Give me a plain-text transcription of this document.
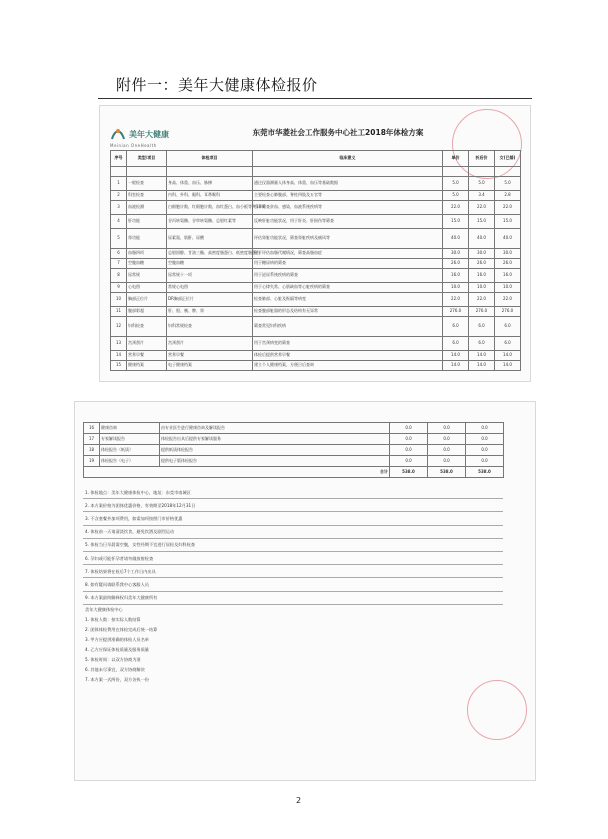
附件一：美年大健康体检报价
美年大健康
Meinian OneHealth
东莞市华菱社会工作服务中心社工2018年体检方案
序号	类型/项目	体检项目	临床意义	单价	折后价	女(已婚)

1	一般检查	身高、体重、血压、脉搏	通过仪器测量人体身高、体重、血压等基础数据	5.0	5.0	5.0
2	科室检查	内科、外科、眼科、耳鼻喉科	主要检查心肺腹部、脊柱四肢及五官等	5.0	3.4	2.8
3	血液检测	白细胞计数、红细胞计数、血红蛋白、血小板等共18项	用于筛查贫血、感染、血液系统疾病等	22.0	22.0	22.0
4	肝功能	谷丙转氨酶、谷草转氨酶、总胆红素等	反映肝脏功能状况，用于肝炎、肝损伤等筛查	15.0	15.0	15.0
5	肾功能	尿素氮、肌酐、尿酸	评估肾脏功能状况，筛查肾脏疾病及痛风等	40.0	40.0	40.0
6	血脂四项	总胆固醇、甘油三酯、高密度脂蛋白、低密度脂蛋白	用于评估血脂代谢情况，筛查高脂血症	30.0	30.0	30.0
7	空腹血糖	空腹血糖	用于糖尿病的筛查	26.0	26.0	26.0
8	尿常规	尿常规十一项	用于泌尿系统疾病的筛查	16.0	16.0	16.0
9	心电图	常规心电图	用于心律失常、心肌缺血等心脏疾病的筛查	10.0	10.0	10.0
10	胸部正位片	DR胸部正位片	检查肺部、心脏及纵隔等病变	22.0	22.0	22.0
11	腹部彩超	肝、胆、胰、脾、肾	检查腹部脏器的形态及结构有无异常	276.0	276.0	276.0
12	妇科检查	妇科常规检查	筛查常见妇科疾病	6.0	6.0	6.0
13	宫颈刮片	宫颈刮片	用于宫颈病变的筛查	6.0	6.0	6.0
14	营养早餐	营养早餐	体检后提供营养早餐	14.0	14.0	14.0
15	健康档案	电子健康档案	建立个人健康档案，方便日后查询	14.0	14.0	14.0
16	健康咨询	由专业医生进行健康咨询及解读报告	0.0	0.0	0.0
17	专家解读报告	体检报告出具后提供专家解读服务	0.0	0.0	0.0
18	体检报告（纸质）	提供纸质体检报告	0.0	0.0	0.0
19	体检报告（电子）	提供电子版体检报告	0.0	0.0	0.0
合计			538.0	538.0	538.0
1. 体检地点：美年大健康体检中心，地址：东莞市南城区
2. 本方案价格为团体优惠价格，有效期至2018年12月31日
3. 不含套餐外加项费用，如需加项按照门市价格优惠
4. 体检前一天请清淡饮食，避免饮酒及剧烈运动
5. 体检当日早晨需空腹，女性经期不宜进行尿检及妇科检查
6. 孕妇或可能怀孕者请勿做放射检查
7. 体检结果将在检后7个工作日内出具
8. 如有疑问请联系我中心客服人员
9. 本方案最终解释权归美年大健康所有
美年大健康体检中心
1. 体检人数：按实际人数结算
2. 团体体检费用在体检完成后统一结算
3. 甲方应提供准确的体检人员名单
4. 乙方应保证体检质量及服务质量
5. 体检时间：以双方协商为准
6. 其他未尽事宜，双方协商解决
7. 本方案一式两份，双方各执一份
2
